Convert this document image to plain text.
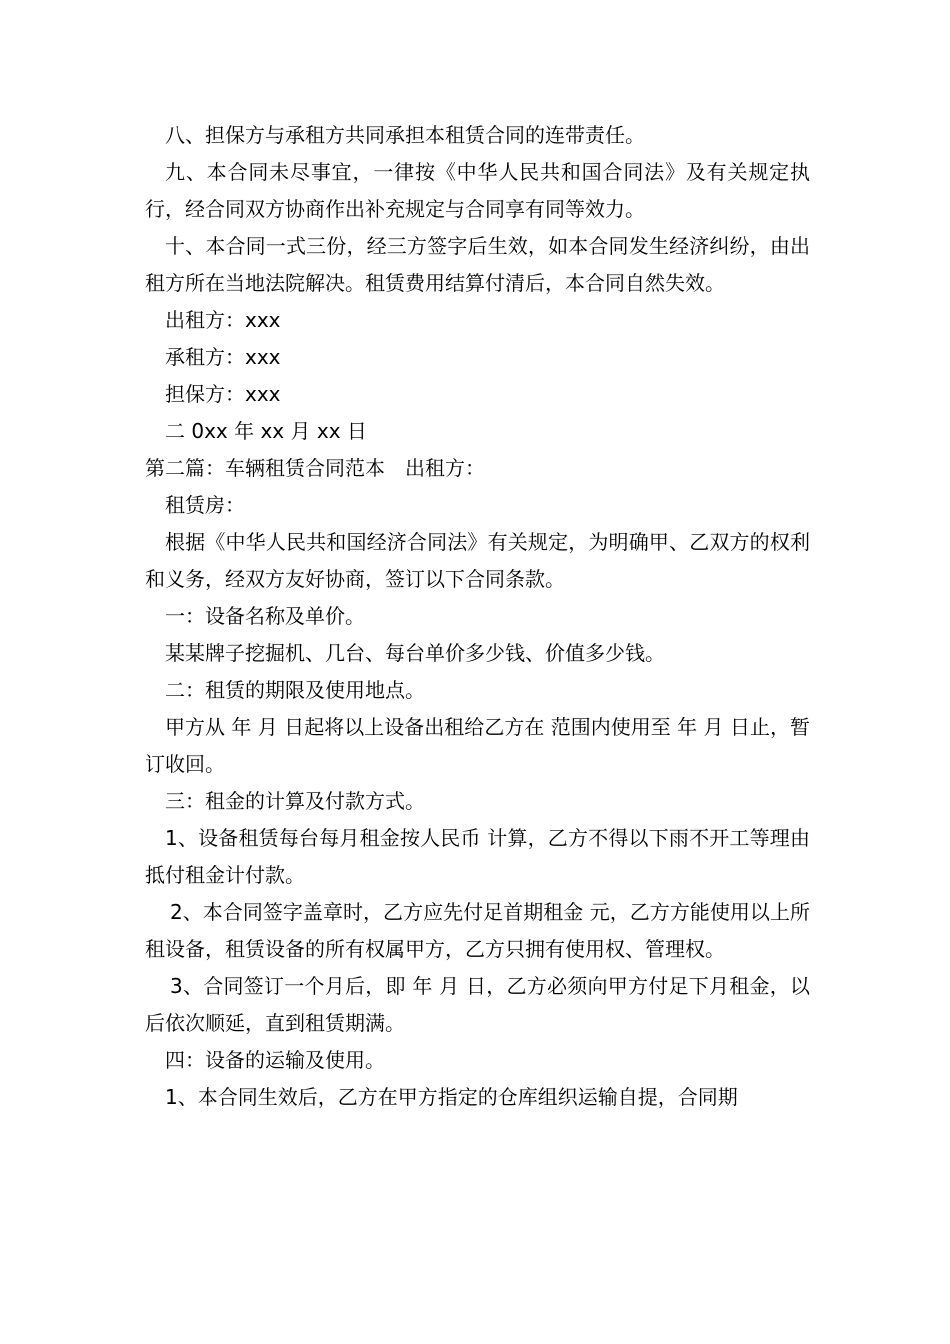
八、担保方与承租方共同承担本租赁合同的连带责任。

九、本合同未尽事宜，一律按《中华人民共和国合同法》及有关规定执行，经合同双方协商作出补充规定与合同享有同等效力。

十、本合同一式三份，经三方签字后生效，如本合同发生经济纠纷，由出租方所在当地法院解决。租赁费用结算付清后，本合同自然失效。

出租方：xxx

承租方：xxx

担保方：xxx

二 0xx 年 xx 月 xx 日

第二篇：车辆租赁合同范本　出租方：

租赁房：

根据《中华人民共和国经济合同法》有关规定，为明确甲、乙双方的权利和义务，经双方友好协商，签订以下合同条款。

一：设备名称及单价。

某某牌子挖掘机、几台、每台单价多少钱、价值多少钱。

二：租赁的期限及使用地点。

甲方从 年 月 日起将以上设备出租给乙方在 范围内使用至 年 月 日止，暂订收回。

三：租金的计算及付款方式。

1、设备租赁每台每月租金按人民币 计算，乙方不得以下雨不开工等理由抵付租金计付款。

2、本合同签字盖章时，乙方应先付足首期租金 元，乙方方能使用以上所租设备，租赁设备的所有权属甲方，乙方只拥有使用权、管理权。

3、合同签订一个月后，即 年 月 日，乙方必须向甲方付足下月租金，以后依次顺延，直到租赁期满。

四：设备的运输及使用。

1、本合同生效后，乙方在甲方指定的仓库组织运输自提，合同期
